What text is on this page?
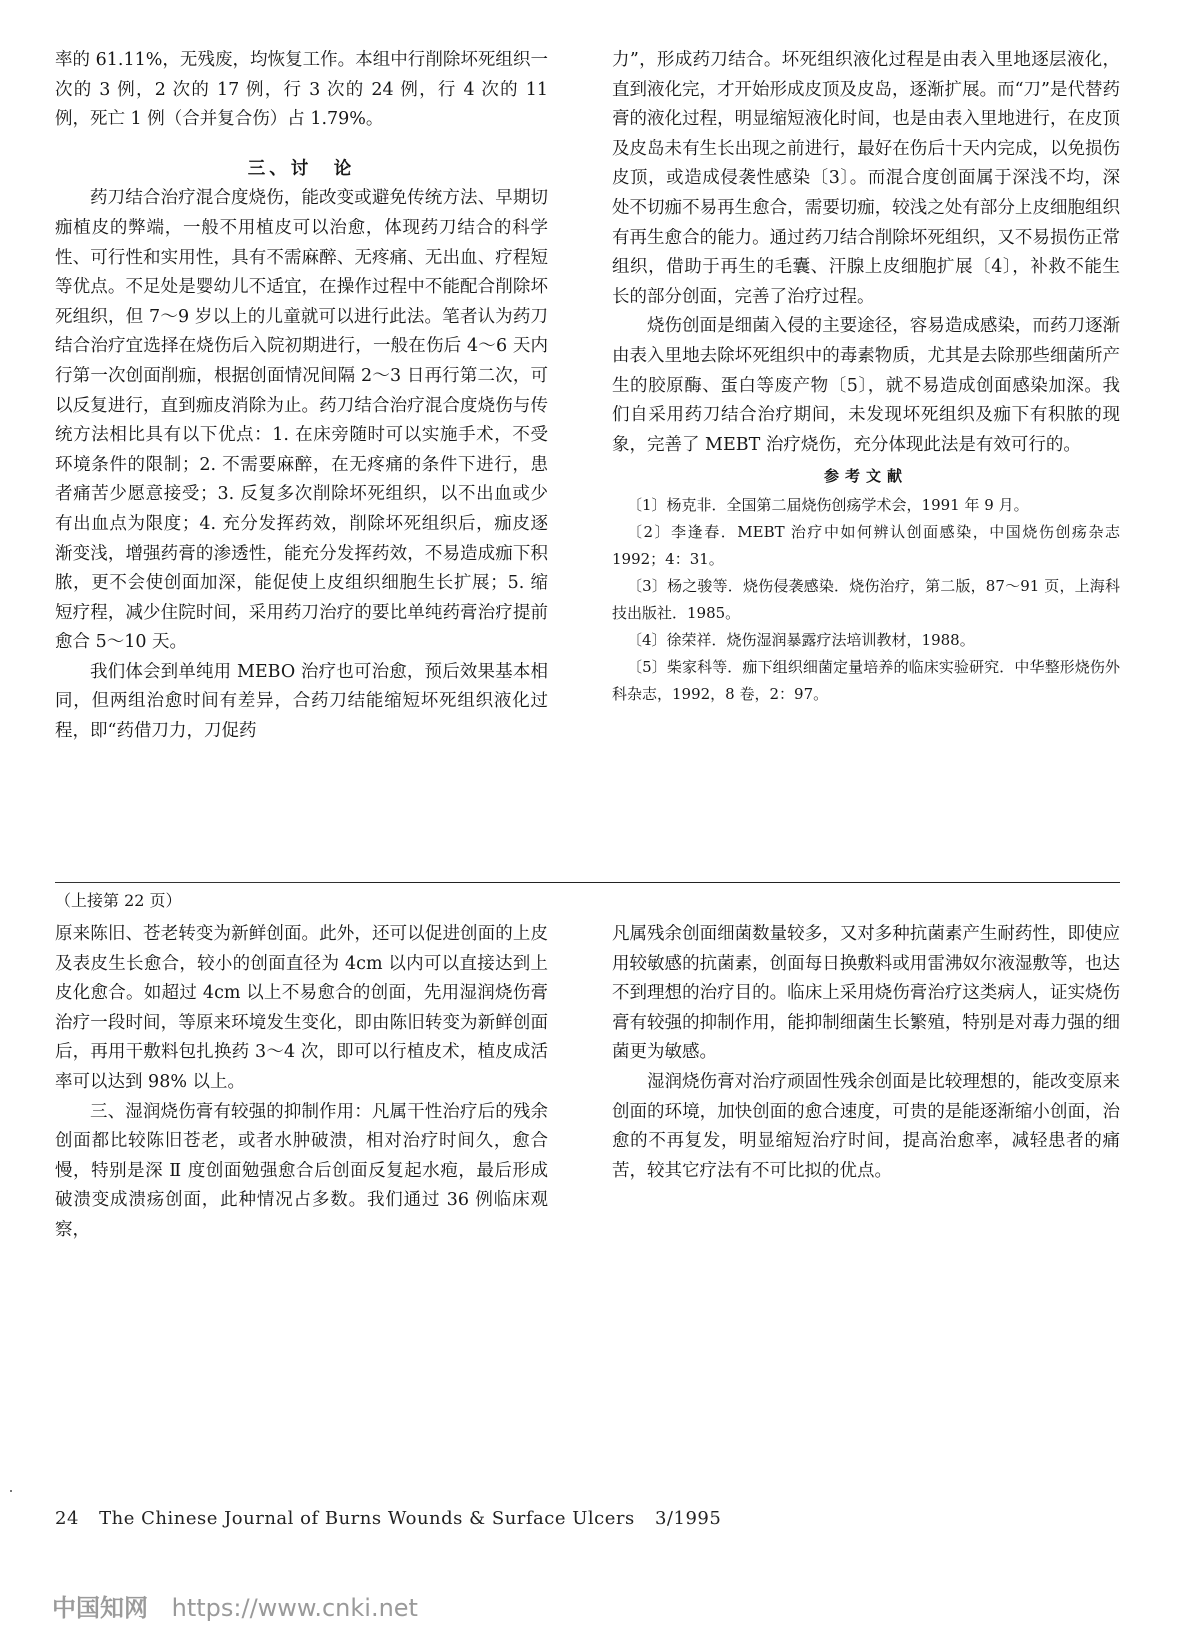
率的 61.11%，无残废，均恢复工作。本组中行削除坏死组织一次的 3 例，2 次的 17 例，行 3 次的 24 例，行 4 次的 11 例，死亡 1 例（合并复合伤）占 1.79%。

三、讨　论

药刀结合治疗混合度烧伤，能改变或避免传统方法、早期切痂植皮的弊端，一般不用植皮可以治愈，体现药刀结合的科学性、可行性和实用性，具有不需麻醉、无疼痛、无出血、疗程短等优点。不足处是婴幼儿不适宜，在操作过程中不能配合削除坏死组织，但 7～9 岁以上的儿童就可以进行此法。笔者认为药刀结合治疗宜选择在烧伤后入院初期进行，一般在伤后 4～6 天内行第一次创面削痂，根据创面情况间隔 2～3 日再行第二次，可以反复进行，直到痂皮消除为止。药刀结合治疗混合度烧伤与传统方法相比具有以下优点：1. 在床旁随时可以实施手术，不受环境条件的限制；2. 不需要麻醉，在无疼痛的条件下进行，患者痛苦少愿意接受；3. 反复多次削除坏死组织，以不出血或少有出血点为限度；4. 充分发挥药效，削除坏死组织后，痂皮逐渐变浅，增强药膏的渗透性，能充分发挥药效，不易造成痂下积脓，更不会使创面加深，能促使上皮组织细胞生长扩展；5. 缩短疗程，减少住院时间，采用药刀治疗的要比单纯药膏治疗提前愈合 5～10 天。

我们体会到单纯用 MEBO 治疗也可治愈，预后效果基本相同，但两组治愈时间有差异，合药刀结能缩短坏死组织液化过程，即“药借刀力，刀促药

力”，形成药刀结合。坏死组织液化过程是由表入里地逐层液化，直到液化完，才开始形成皮顶及皮岛，逐渐扩展。而“刀”是代替药膏的液化过程，明显缩短液化时间，也是由表入里地进行，在皮顶及皮岛未有生长出现之前进行，最好在伤后十天内完成，以免损伤皮顶，或造成侵袭性感染〔3〕。而混合度创面属于深浅不均，深处不切痂不易再生愈合，需要切痂，较浅之处有部分上皮细胞组织有再生愈合的能力。通过药刀结合削除坏死组织，又不易损伤正常组织，借助于再生的毛囊、汗腺上皮细胞扩展〔4〕，补救不能生长的部分创面，完善了治疗过程。

烧伤创面是细菌入侵的主要途径，容易造成感染，而药刀逐渐由表入里地去除坏死组织中的毒素物质，尤其是去除那些细菌所产生的胶原酶、蛋白等废产物〔5〕，就不易造成创面感染加深。我们自采用药刀结合治疗期间，未发现坏死组织及痂下有积脓的现象，完善了 MEBT 治疗烧伤，充分体现此法是有效可行的。

参考文献

〔1〕杨克非．全国第二届烧伤创疡学术会，1991 年 9 月。

〔2〕李逢春．MEBT 治疗中如何辨认创面感染，中国烧伤创疡杂志 1992；4：31。

〔3〕杨之骏等．烧伤侵袭感染．烧伤治疗，第二版，87～91 页，上海科技出版社．1985。

〔4〕徐荣祥．烧伤湿润暴露疗法培训教材，1988。

〔5〕柴家科等．痂下组织细菌定量培养的临床实验研究．中华整形烧伤外科杂志，1992，8 卷，2：97。

（上接第 22 页）

原来陈旧、苍老转变为新鲜创面。此外，还可以促进创面的上皮及表皮生长愈合，较小的创面直径为 4cm 以内可以直接达到上皮化愈合。如超过 4cm 以上不易愈合的创面，先用湿润烧伤膏治疗一段时间，等原来环境发生变化，即由陈旧转变为新鲜创面后，再用干敷料包扎换药 3～4 次，即可以行植皮术，植皮成活率可以达到 98% 以上。

三、湿润烧伤膏有较强的抑制作用：凡属干性治疗后的残余创面都比较陈旧苍老，或者水肿破溃，相对治疗时间久，愈合慢，特别是深 Ⅱ 度创面勉强愈合后创面反复起水疱，最后形成破溃变成溃疡创面，此种情况占多数。我们通过 36 例临床观察，

凡属残余创面细菌数量较多，又对多种抗菌素产生耐药性，即使应用较敏感的抗菌素，创面每日换敷料或用雷沸奴尔液湿敷等，也达不到理想的治疗目的。临床上采用烧伤膏治疗这类病人，证实烧伤膏有较强的抑制作用，能抑制细菌生长繁殖，特别是对毒力强的细菌更为敏感。

湿润烧伤膏对治疗顽固性残余创面是比较理想的，能改变原来创面的环境，加快创面的愈合速度，可贵的是能逐渐缩小创面，治愈的不再复发，明显缩短治疗时间，提高治愈率，减轻患者的痛苦，较其它疗法有不可比拟的优点。

24 The Chinese Journal of Burns Wounds & Surface Ulcers 3/1995
中国知网 https://www.cnki.net
